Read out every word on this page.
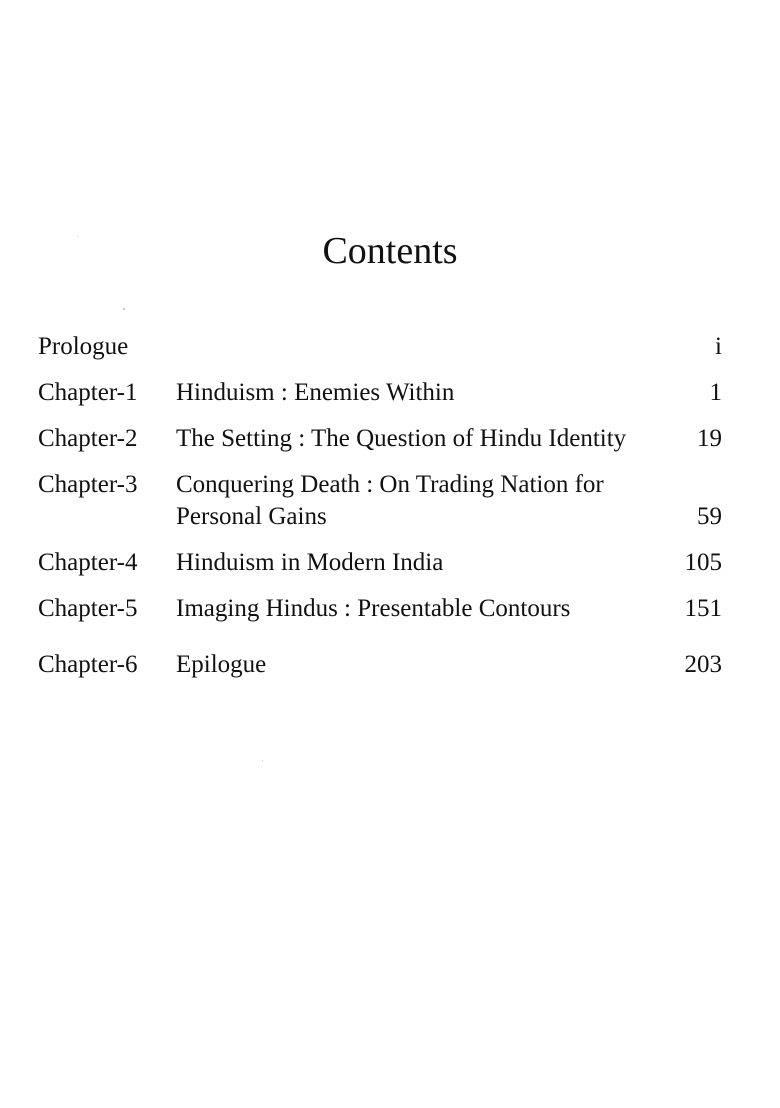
Contents
Prologue	i
Chapter-1 Hinduism : Enemies Within	1
Chapter-2 The Setting : The Question of Hindu Identity	19
Chapter-3 Conquering Death : On Trading Nation for
Personal Gains	59
Chapter-4 Hinduism in Modern India	105
Chapter-5 Imaging Hindus : Presentable Contours	151
Chapter-6 Epilogue	203
